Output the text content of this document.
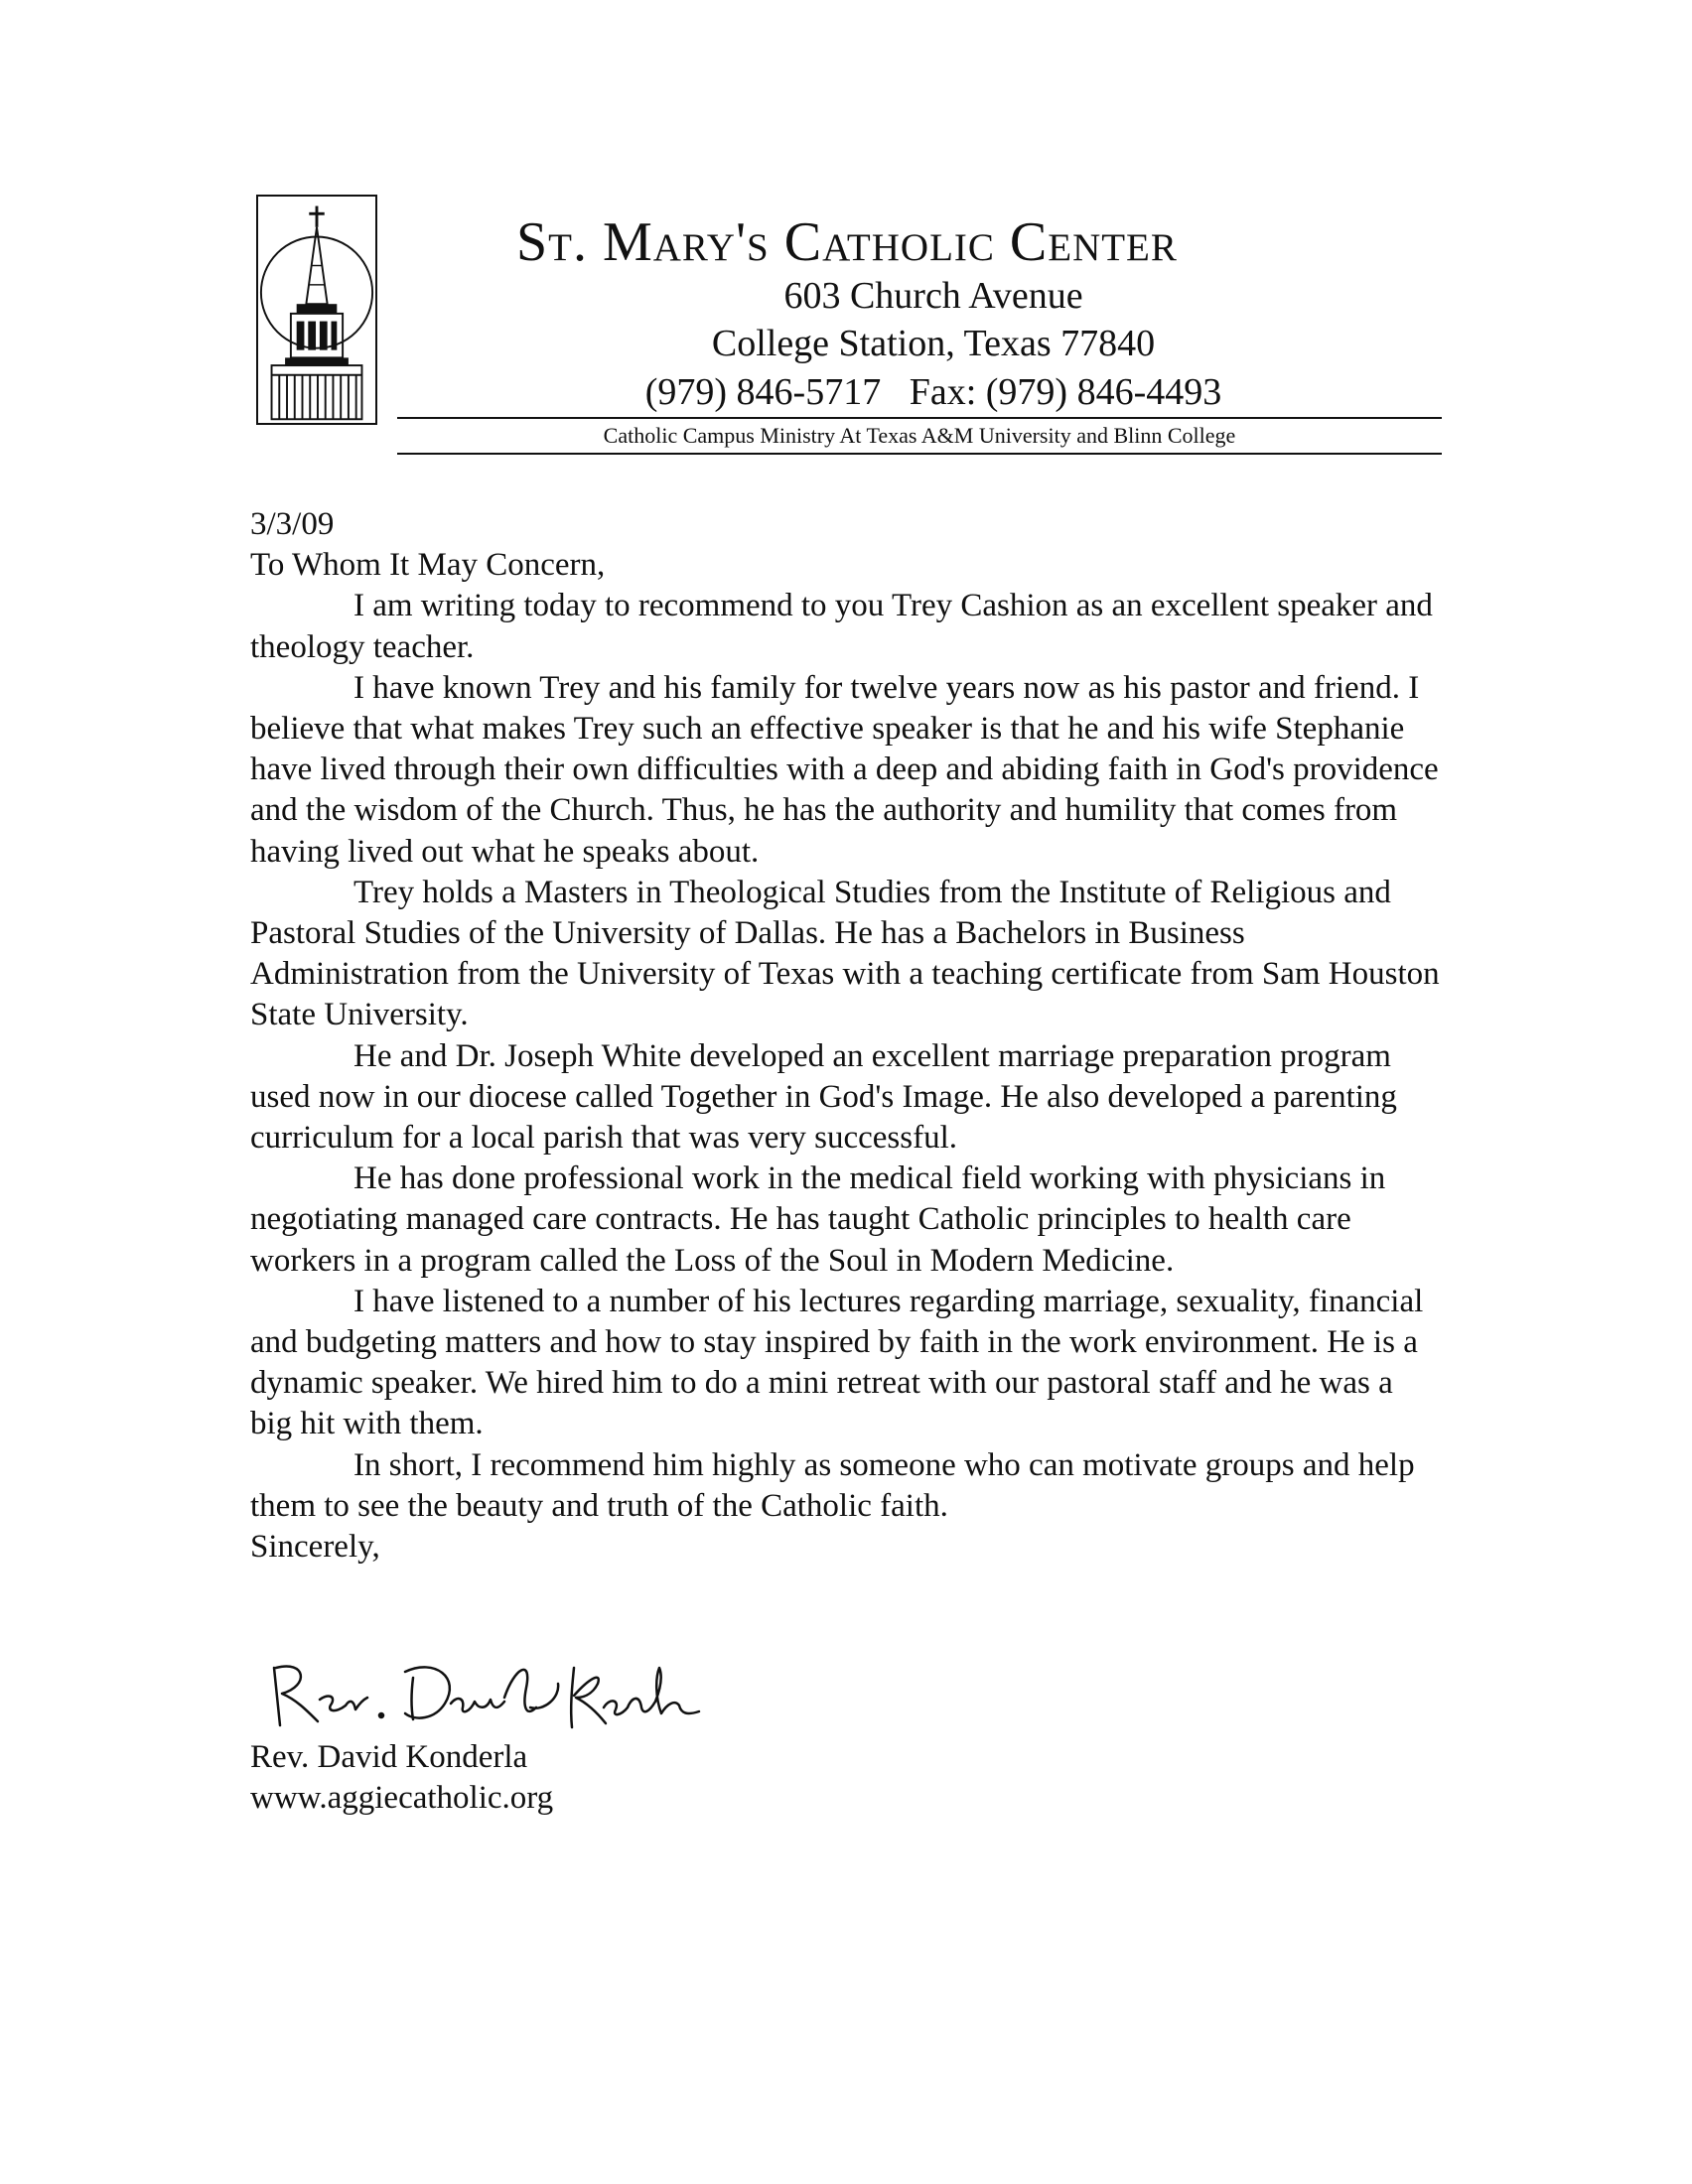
St. Mary's Catholic Center
603 Church Avenue
College Station, Texas 77840
(979) 846-5717   Fax: (979) 846-4493
Catholic Campus Ministry At Texas A&M University and Blinn College

3/3/09

To Whom It May Concern,

I am writing today to recommend to you Trey Cashion as an excellent speaker and theology teacher.

I have known Trey and his family for twelve years now as his pastor and friend. I believe that what makes Trey such an effective speaker is that he and his wife Stephanie have lived through their own difficulties with a deep and abiding faith in God's providence and the wisdom of the Church. Thus, he has the authority and humility that comes from having lived out what he speaks about.

Trey holds a Masters in Theological Studies from the Institute of Religious and Pastoral Studies of the University of Dallas. He has a Bachelors in Business Administration from the University of Texas with a teaching certificate from Sam Houston State University.

He and Dr. Joseph White developed an excellent marriage preparation program used now in our diocese called Together in God's Image. He also developed a parenting curriculum for a local parish that was very successful.

He has done professional work in the medical field working with physicians in negotiating managed care contracts. He has taught Catholic principles to health care workers in a program called the Loss of the Soul in Modern Medicine.

I have listened to a number of his lectures regarding marriage, sexuality, financial and budgeting matters and how to stay inspired by faith in the work environment. He is a dynamic speaker. We hired him to do a mini retreat with our pastoral staff and he was a big hit with them.

In short, I recommend him highly as someone who can motivate groups and help them to see the beauty and truth of the Catholic faith.

Sincerely,

Rev. David Konderla
www.aggiecatholic.org
